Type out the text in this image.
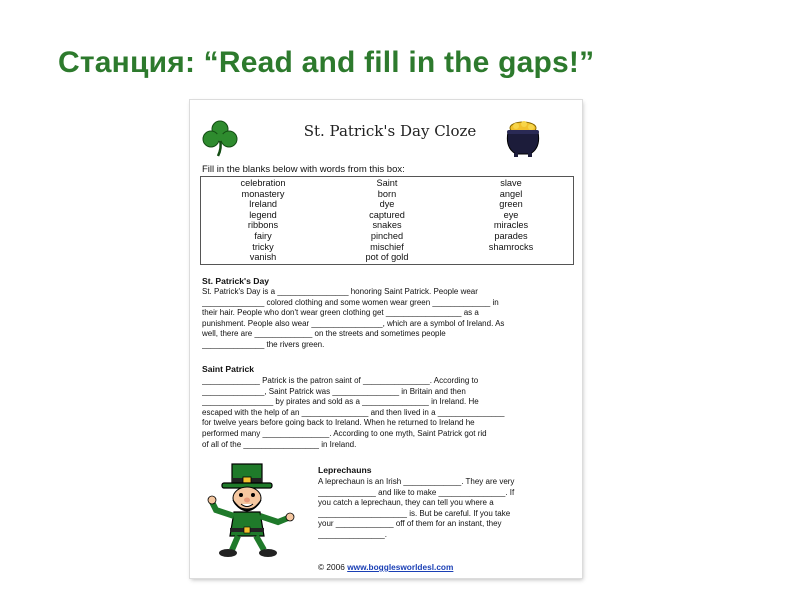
Станция: “Read and fill in the gaps!”
St. Patrick's Day Cloze
Fill in the blanks below with words from this box:
celebration	Saint	slave
monastery	born	angel
Ireland	dye	green
legend	captured	eye
ribbons	snakes	miracles
fairy	pinched	parades
tricky	mischief	shamrocks
vanish	pot of gold
St. Patrick's Day
St. Patrick's Day is a ________________ honoring Saint Patrick. People wear
______________ colored clothing and some women wear green _____________ in
their hair. People who don't wear green clothing get _________________ as a
punishment. People also wear ________________, which are a symbol of Ireland. As
well, there are _____________ on the streets and sometimes people
______________ the rivers green.
Saint Patrick
_____________ Patrick is the patron saint of _______________. According to
______________, Saint Patrick was _______________ in Britain and then
________________ by pirates and sold as a _______________ in Ireland. He
escaped with the help of an _______________ and then lived in a _______________
for twelve years before going back to Ireland. When he returned to Ireland he
performed many _______________. According to one myth, Saint Patrick got rid
of all of the _________________ in Ireland.
Leprechauns
A leprechaun is an Irish _____________. They are very
_____________ and like to make _______________. If
you catch a leprechaun, they can tell you where a
____________________ is. But be careful. If you take
your _____________ off of them for an instant, they
_______________.
© 2006 www.bogglesworldesl.com
